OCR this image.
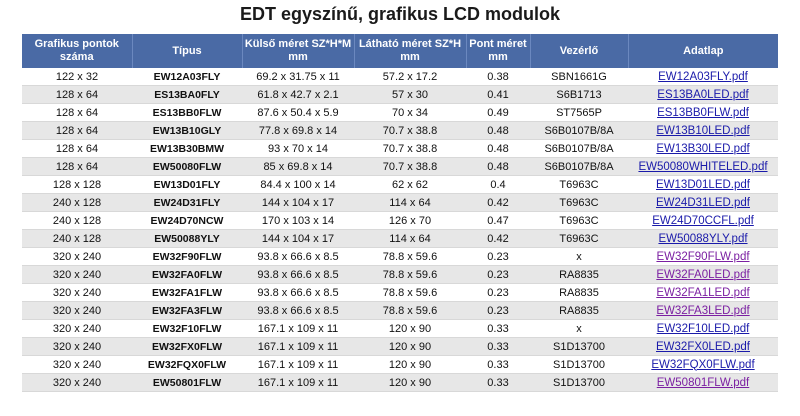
EDT egyszínű, grafikus LCD modulok
Grafikus pontok száma	Típus	Külső méret SZ*H*M mm	Látható méret SZ*H mm	Pont méret mm	Vezérlő	Adatlap
122 x 32	EW12A03FLY	69.2 x 31.75 x 11	57.2 x 17.2	0.38	SBN1661G	EW12A03FLY.pdf
128 x 64	ES13BA0FLY	61.8 x 42.7 x 2.1	57 x 30	0.41	S6B1713	ES13BA0LED.pdf
128 x 64	ES13BB0FLW	87.6 x 50.4 x 5.9	70 x 34	0.49	ST7565P	ES13BB0FLW.pdf
128 x 64	EW13B10GLY	77.8 x 69.8 x 14	70.7 x 38.8	0.48	S6B0107B/8A	EW13B10LED.pdf
128 x 64	EW13B30BMW	93 x 70 x 14	70.7 x 38.8	0.48	S6B0107B/8A	EW13B30LED.pdf
128 x 64	EW50080FLW	85 x 69.8 x 14	70.7 x 38.8	0.48	S6B0107B/8A	EW50080WHITELED.pdf
128 x 128	EW13D01FLY	84.4 x 100 x 14	62 x 62	0.4	T6963C	EW13D01LED.pdf
240 x 128	EW24D31FLY	144 x 104 x 17	114 x 64	0.42	T6963C	EW24D31LED.pdf
240 x 128	EW24D70NCW	170 x 103 x 14	126 x 70	0.47	T6963C	EW24D70CCFL.pdf
240 x 128	EW50088YLY	144 x 104 x 17	114 x 64	0.42	T6963C	EW50088YLY.pdf
320 x 240	EW32F90FLW	93.8 x 66.6 x 8.5	78.8 x 59.6	0.23	x	EW32F90FLW.pdf
320 x 240	EW32FA0FLW	93.8 x 66.6 x 8.5	78.8 x 59.6	0.23	RA8835	EW32FA0LED.pdf
320 x 240	EW32FA1FLW	93.8 x 66.6 x 8.5	78.8 x 59.6	0.23	RA8835	EW32FA1LED.pdf
320 x 240	EW32FA3FLW	93.8 x 66.6 x 8.5	78.8 x 59.6	0.23	RA8835	EW32FA3LED.pdf
320 x 240	EW32F10FLW	167.1 x 109 x 11	120 x 90	0.33	x	EW32F10LED.pdf
320 x 240	EW32FX0FLW	167.1 x 109 x 11	120 x 90	0.33	S1D13700	EW32FX0LED.pdf
320 x 240	EW32FQX0FLW	167.1 x 109 x 11	120 x 90	0.33	S1D13700	EW32FQX0FLW.pdf
320 x 240	EW50801FLW	167.1 x 109 x 11	120 x 90	0.33	S1D13700	EW50801FLW.pdf
